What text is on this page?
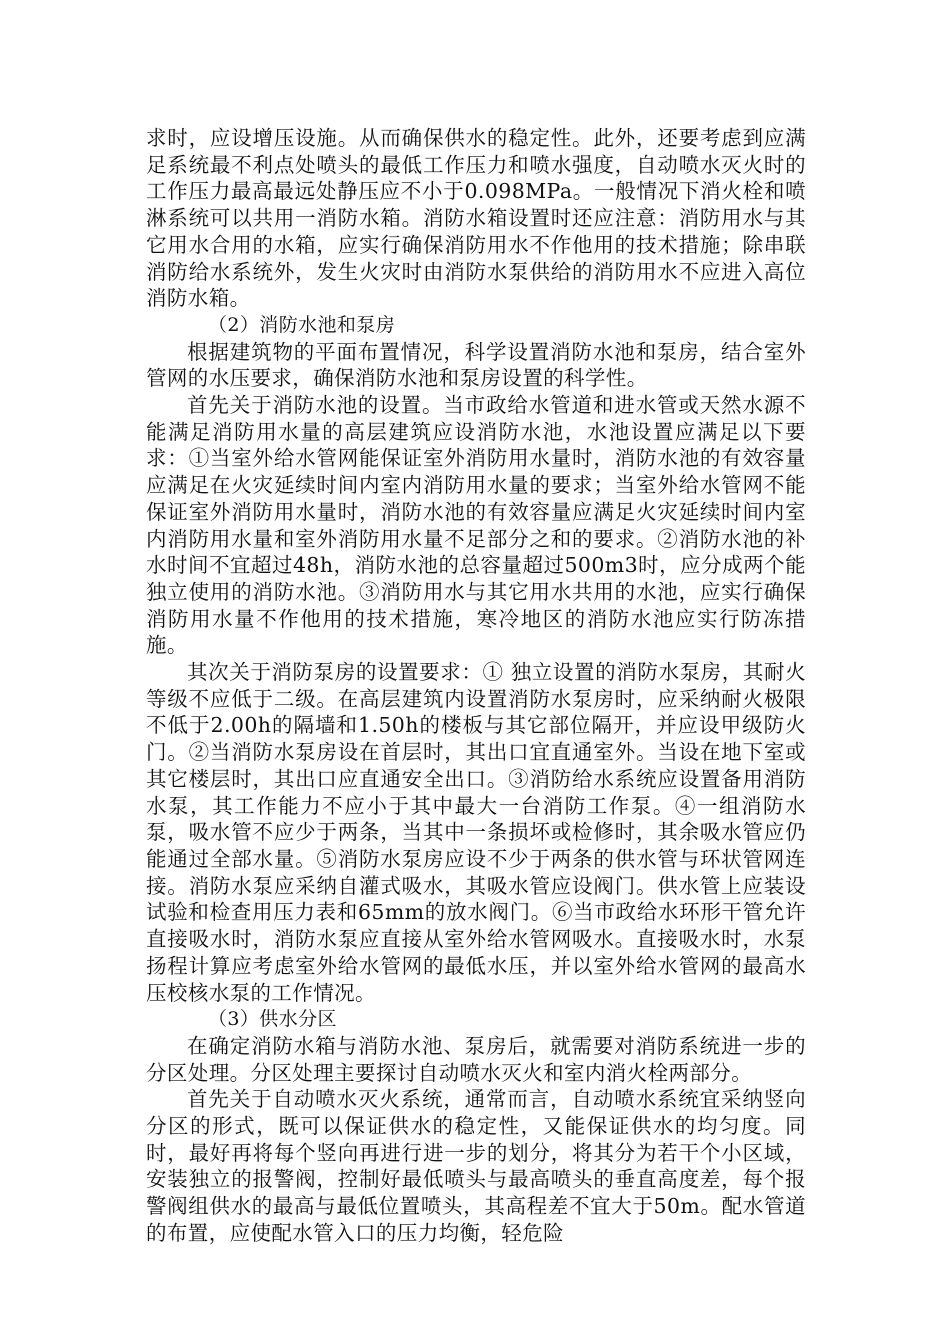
求时，应设增压设施。从而确保供水的稳定性。此外，还要考虑到应满足系统最不利点处喷头的最低工作压力和喷水强度，自动喷水灭火时的工作压力最高最远处静压应不小于0.098MPa。一般情况下消火栓和喷淋系统可以共用一消防水箱。消防水箱设置时还应注意：消防用水与其它用水合用的水箱，应实行确保消防用水不作他用的技术措施；除串联消防给水系统外，发生火灾时由消防水泵供给的消防用水不应进入高位消防水箱。

（2）消防水池和泵房

根据建筑物的平面布置情况，科学设置消防水池和泵房，结合室外管网的水压要求，确保消防水池和泵房设置的科学性。

首先关于消防水池的设置。当市政给水管道和进水管或天然水源不能满足消防用水量的高层建筑应设消防水池，水池设置应满足以下要求：①当室外给水管网能保证室外消防用水量时，消防水池的有效容量应满足在火灾延续时间内室内消防用水量的要求；当室外给水管网不能保证室外消防用水量时，消防水池的有效容量应满足火灾延续时间内室内消防用水量和室外消防用水量不足部分之和的要求。②消防水池的补水时间不宜超过48h，消防水池的总容量超过500m3时，应分成两个能独立使用的消防水池。③消防用水与其它用水共用的水池，应实行确保消防用水量不作他用的技术措施，寒冷地区的消防水池应实行防冻措施。

其次关于消防泵房的设置要求：① 独立设置的消防水泵房，其耐火等级不应低于二级。在高层建筑内设置消防水泵房时，应采纳耐火极限不低于2.00h的隔墙和1.50h的楼板与其它部位隔开，并应设甲级防火门。②当消防水泵房设在首层时，其出口宜直通室外。当设在地下室或其它楼层时，其出口应直通安全出口。③消防给水系统应设置备用消防水泵，其工作能力不应小于其中最大一台消防工作泵。④一组消防水泵，吸水管不应少于两条，当其中一条损坏或检修时，其余吸水管应仍能通过全部水量。⑤消防水泵房应设不少于两条的供水管与环状管网连接。消防水泵应采纳自灌式吸水，其吸水管应设阀门。供水管上应装设试验和检查用压力表和65mm的放水阀门。⑥当市政给水环形干管允许直接吸水时，消防水泵应直接从室外给水管网吸水。直接吸水时，水泵扬程计算应考虑室外给水管网的最低水压，并以室外给水管网的最高水压校核水泵的工作情况。

（3）供水分区

在确定消防水箱与消防水池、泵房后，就需要对消防系统进一步的分区处理。分区处理主要探讨自动喷水灭火和室内消火栓两部分。

首先关于自动喷水灭火系统，通常而言，自动喷水系统宜采纳竖向分区的形式，既可以保证供水的稳定性，又能保证供水的均匀度。同时，最好再将每个竖向再进行进一步的划分，将其分为若干个小区域，安装独立的报警阀，控制好最低喷头与最高喷头的垂直高度差，每个报警阀组供水的最高与最低位置喷头，其高程差不宜大于50m。配水管道的布置，应使配水管入口的压力均衡，轻危险
